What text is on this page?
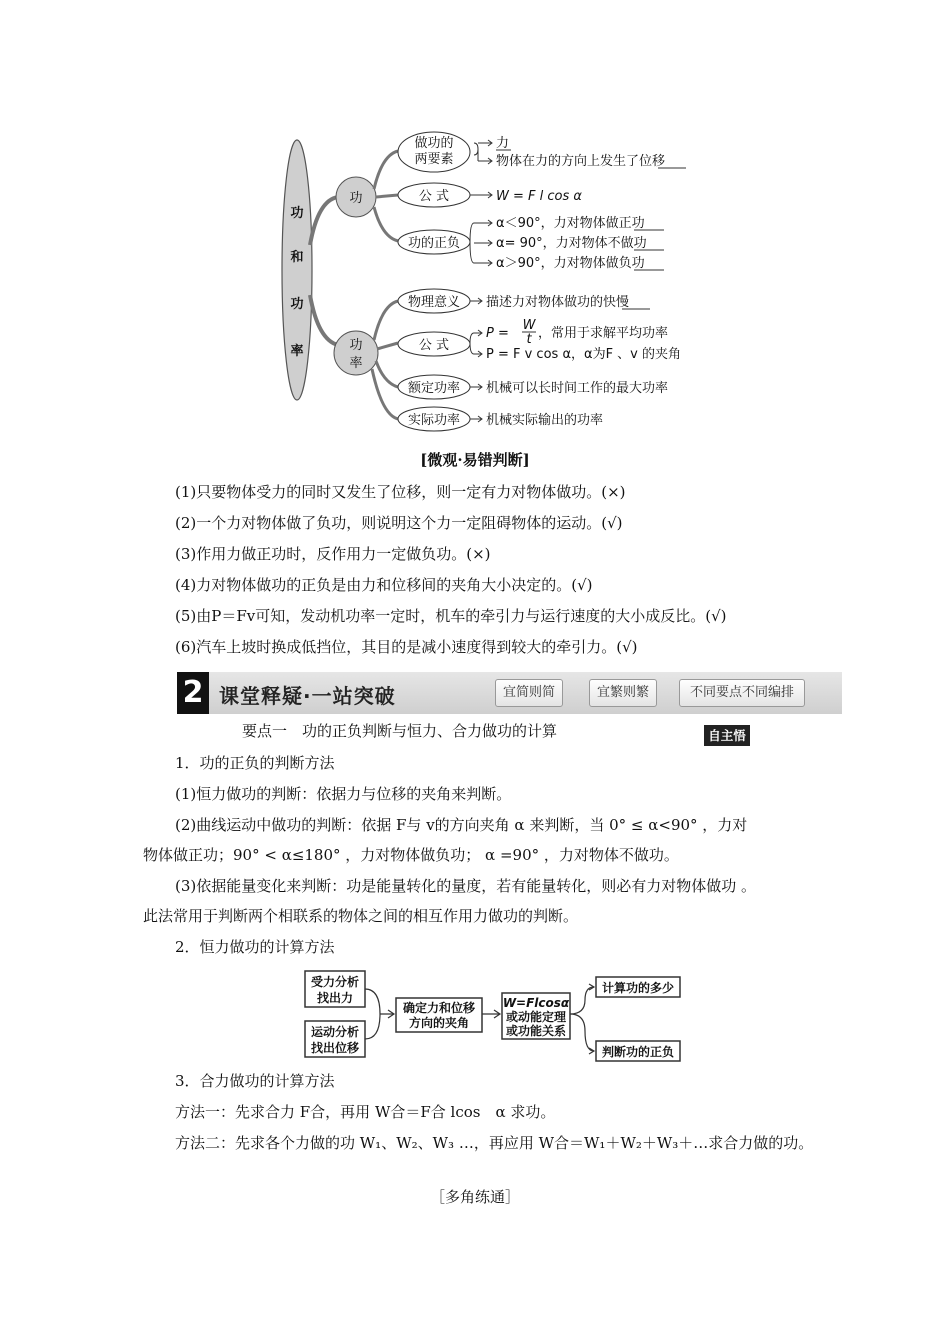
功
和
功
率
功
功
率
做功的
两要素
公 式
功的正负
物理意义
公 式
额定功率
实际功率
力
物体在力的方向上发生了位移
W = F l cos α
α＜90°，力对物体做正功
α= 90°，力对物体不做功
α＞90°，力对物体做负功
描述力对物体做功的快慢
P =
W
t ，常用于求解平均功率
P = F v cos α，α为F 、v 的夹角
机械可以长时间工作的最大功率
机械实际输出的功率
[微观·易错判断]
(1)只要物体受力的同时又发生了位移，则一定有力对物体做功。(×)
(2)一个力对物体做了负功，则说明这个力一定阻碍物体的运动。(√)
(3)作用力做正功时，反作用力一定做负功。(×)
(4)力对物体做功的正负是由力和位移间的夹角大小决定的。(√)
(5)由P＝Fv可知，发动机功率一定时，机车的牵引力与运行速度的大小成反比。(√)
(6)汽车上坡时换成低挡位，其目的是减小速度得到较大的牵引力。(√)
2 课堂释疑·一站突破	宜简则简	宜繁则繁	不同要点不同编排
要点一　功的正负判断与恒力、合力做功的计算	自主悟透型
1．功的正负的判断方法
(1)恒力做功的判断：依据力与位移的夹角来判断。
(2)曲线运动中做功的判断：依据 F与 v的方向夹角 α 来判断，当 0° ≤ α<90° ，力对
物体做正功；90° < α≤180° ，力对物体做负功； α =90° ，力对物体不做功。
(3)依据能量变化来判断：功是能量转化的量度，若有能量转化，则必有力对物体做功 。
此法常用于判断两个相联系的物体之间的相互作用力做功的判断。
2．恒力做功的计算方法
受力分析
找出力
运动分析
找出位移
确定力和位移
方向的夹角
W=Flcosα
或动能定理
或功能关系
计算功的多少
判断功的正负
3．合力做功的计算方法
方法一：先求合力 F合，再用 W合＝F合 lcos　α 求功。
方法二：先求各个力做的功 W₁、W₂、W₃ …，再应用 W合＝W₁＋W₂＋W₃＋…求合力做的功。
［多角练通］
